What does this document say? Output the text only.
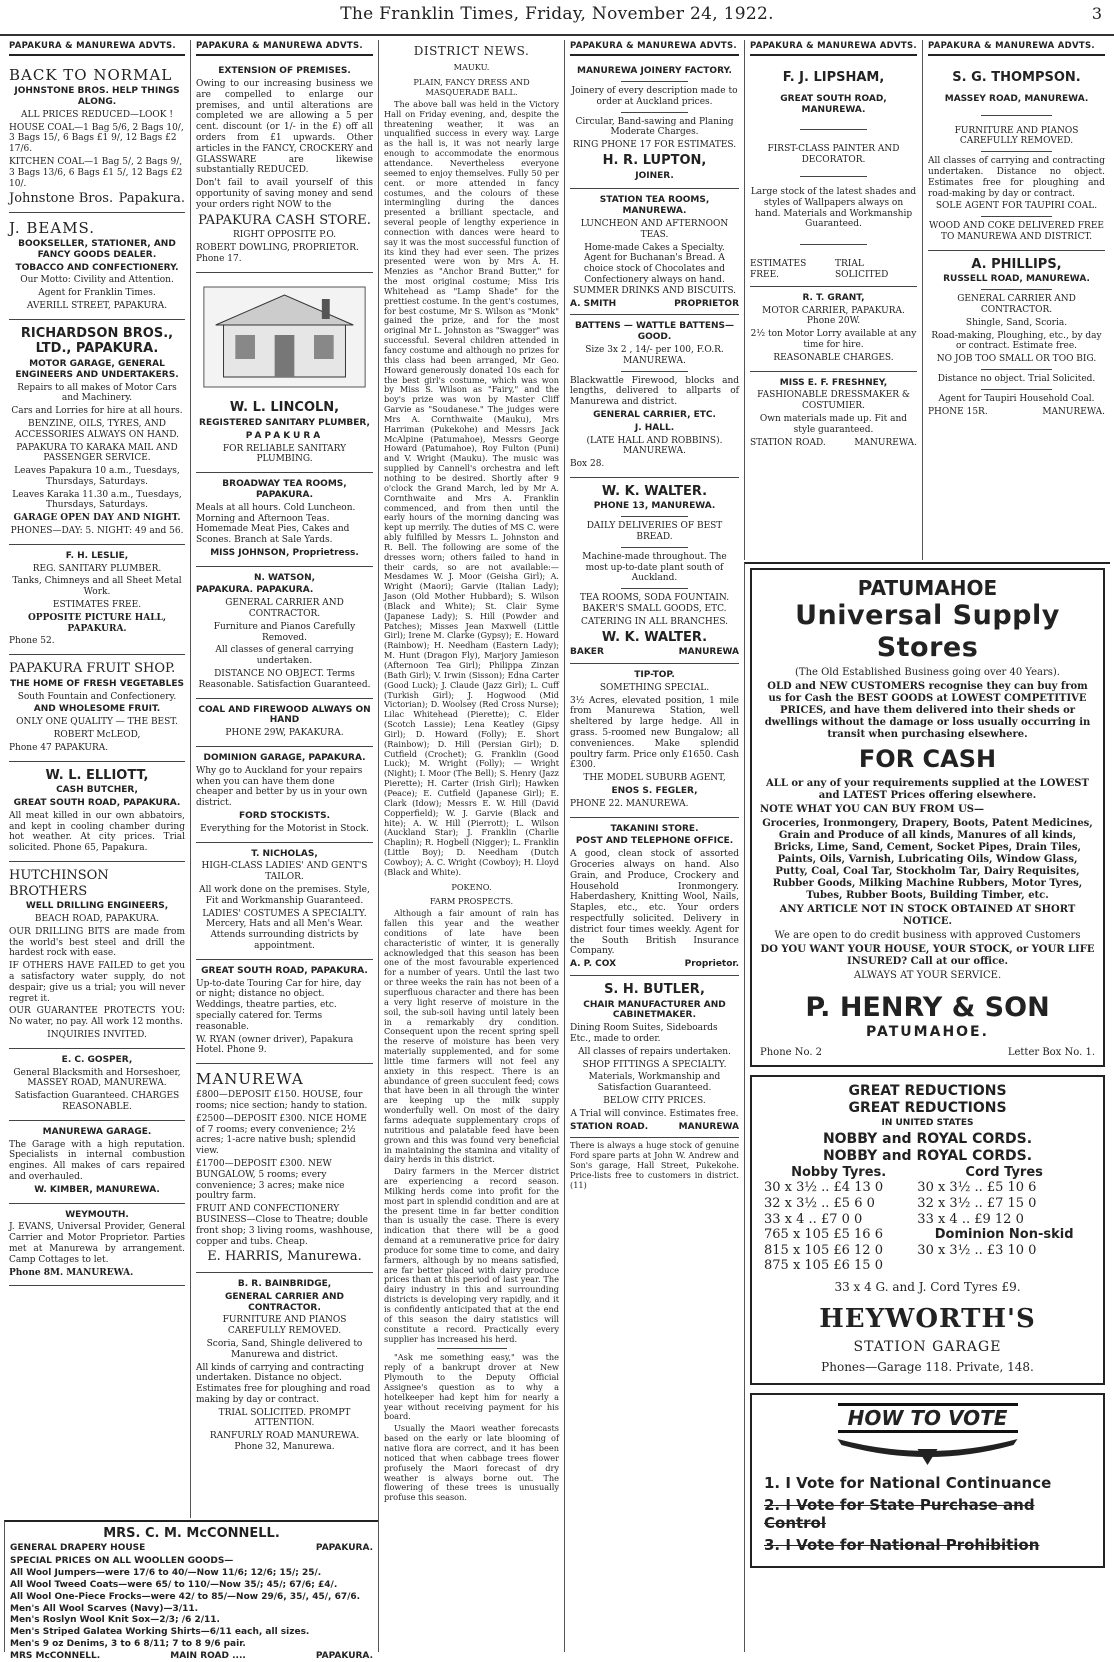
The Franklin Times, Friday, November 24, 1922.	3
PAPAKURA & MANUREWA ADVTS.

BACK TO NORMAL

JOHNSTONE BROS. HELP THINGS ALONG.

ALL PRICES REDUCED—LOOK !

HOUSE COAL—1 Bag 5/6, 2 Bags 10/, 3 Bags 15/, 6 Bags £1 9/, 12 Bags £2 17/6.

KITCHEN COAL—1 Bag 5/, 2 Bags 9/, 3 Bags 13/6, 6 Bags £1 5/, 12 Bags £2 10/.

Johnstone Bros. Papakura.

J. BEAMS.

BOOKSELLER, STATIONER, AND FANCY GOODS DEALER.

TOBACCO AND CONFECTIONERY.

Our Motto: Civility and Attention.

Agent for Franklin Times.

AVERILL STREET, PAPAKURA.

RICHARDSON BROS., LTD., PAPAKURA.

MOTOR GARAGE, GENERAL ENGINEERS AND UNDERTAKERS.

Repairs to all makes of Motor Cars and Machinery.

Cars and Lorries for hire at all hours.

BENZINE, OILS, TYRES, AND ACCESSORIES ALWAYS ON HAND.

PAPAKURA TO KARAKA MAIL AND PASSENGER SERVICE.

Leaves Papakura 10 a.m., Tuesdays, Thursdays, Saturdays.

Leaves Karaka 11.30 a.m., Tuesdays, Thursdays, Saturdays.

GARAGE OPEN DAY AND NIGHT.

PHONES—DAY: 5. NIGHT: 49 and 56.

F. H. LESLIE,

REG. SANITARY PLUMBER.

Tanks, Chimneys and all Sheet Metal Work.

ESTIMATES FREE.

OPPOSITE PICTURE HALL, PAPAKURA.

Phone 52.

PAPAKURA FRUIT SHOP.

THE HOME OF FRESH VEGETABLES

South Fountain and Confectionery.

AND WHOLESOME FRUIT.

ONLY ONE QUALITY — THE BEST.

ROBERT McLEOD,

Phone 47 PAPAKURA.

W. L. ELLIOTT,

CASH BUTCHER,

GREAT SOUTH ROAD, PAPAKURA.

All meat killed in our own abbatoirs, and kept in cooling chamber during hot weather. At city prices. Trial solicited. Phone 65, Papakura.

HUTCHINSON BROTHERS

WELL DRILLING ENGINEERS,

BEACH ROAD, PAPAKURA.

OUR DRILLING BITS are made from the world's best steel and drill the hardest rock with ease.

IF OTHERS HAVE FAILED to get you a satisfactory water supply, do not despair; give us a trial; you will never regret it.

OUR GUARANTEE PROTECTS YOU: No water, no pay. All work 12 months.

INQUIRIES INVITED.

E. C. GOSPER,

General Blacksmith and Horseshoer, MASSEY ROAD, MANUREWA.

Satisfaction Guaranteed. CHARGES REASONABLE.

MANUREWA GARAGE.

The Garage with a high reputation. Specialists in internal combustion engines. All makes of cars repaired and overhauled.

W. KIMBER, MANUREWA.

WEYMOUTH.

J. EVANS, Universal Provider, General Carrier and Motor Proprietor. Parties met at Manurewa by arrangement. Camp Cottages to let.

Phone 8M. MANUREWA.

PAPAKURA & MANUREWA ADVTS.

EXTENSION OF PREMISES.

Owing to our increasing business we are compelled to enlarge our premises, and until alterations are completed we are allowing a 5 per cent. discount (or 1/- in the £) off all orders from £1 upwards. Other articles in the FANCY, CROCKERY and GLASSWARE are likewise substantially REDUCED.

Don't fail to avail yourself of this opportunity of saving money and send your orders right NOW to the

PAPAKURA CASH STORE.

RIGHT OPPOSITE P.O.

ROBERT DOWLING, PROPRIETOR. Phone 17.

W. L. LINCOLN,

REGISTERED SANITARY PLUMBER,

PAPAKURA

FOR RELIABLE SANITARY PLUMBING.

BROADWAY TEA ROOMS, PAPAKURA.

Meals at all hours. Cold Luncheon. Morning and Afternoon Teas. Homemade Meat Pies, Cakes and Scones. Branch at Sale Yards.

MISS JOHNSON, Proprietress.

N. WATSON,

PAPAKURA. PAPAKURA.

GENERAL CARRIER AND CONTRACTOR.

Furniture and Pianos Carefully Removed.

All classes of general carrying undertaken.

DISTANCE NO OBJECT. Terms Reasonable. Satisfaction Guaranteed.

COAL AND FIREWOOD ALWAYS ON HAND

PHONE 29W, PAKAKURA.

DOMINION GARAGE, PAPAKURA.

Why go to Auckland for your repairs when you can have them done cheaper and better by us in your own district.

FORD STOCKISTS.

Everything for the Motorist in Stock.

T. NICHOLAS,

HIGH-CLASS LADIES' AND GENT'S TAILOR.

All work done on the premises. Style, Fit and Workmanship Guaranteed.

LADIES' COSTUMES A SPECIALTY. Mercery, Hats and all Men's Wear. Attends surrounding districts by appointment.

GREAT SOUTH ROAD, PAPAKURA.

Up-to-date Touring Car for hire, day or night; distance no object. Weddings, theatre parties, etc. specially catered for. Terms reasonable.

W. RYAN (owner driver), Papakura Hotel. Phone 9.

MANUREWA

£800—DEPOSIT £150. HOUSE, four rooms; nice section; handy to station.

£2500—DEPOSIT £300. NICE HOME of 7 rooms; every convenience; 2½ acres; 1-acre native bush; splendid view.

£1700—DEPOSIT £300. NEW BUNGALOW, 5 rooms; every convenience; 3 acres; make nice poultry farm.

FRUIT AND CONFECTIONERY BUSINESS—Close to Theatre; double front shop; 3 living rooms, washhouse, copper and tubs. Cheap.

E. HARRIS, Manurewa.

B. R. BAINBRIDGE,

GENERAL CARRIER AND CONTRACTOR.

FURNITURE AND PIANOS CAREFULLY REMOVED.

Scoria, Sand, Shingle delivered to Manurewa and district.

All kinds of carrying and contracting undertaken. Distance no object. Estimates free for ploughing and road making by day or contract.

TRIAL SOLICITED. PROMPT ATTENTION.

RANFURLY ROAD MANUREWA. Phone 32, Manurewa.

MRS. C. M. McCONNELL.

GENERAL DRAPERY HOUSE	PAPAKURA.

SPECIAL PRICES ON ALL WOOLLEN GOODS—

All Wool Jumpers—were 17/6 to 40/—Now 11/6; 12/6; 15/; 25/.

All Wool Tweed Coats—were 65/ to 110/—Now 35/; 45/; 67/6; £4/.

All Wool One-Piece Frocks—were 42/ to 85/—Now 29/6, 35/, 45/, 67/6.

Men's All Wool Scarves (Navy)—3/11.

Men's Roslyn Wool Knit Sox—2/3; /6 2/11.

Men's Striped Galatea Working Shirts—6/11 each, all sizes.

Men's 9 oz Denims, 3 to 6 8/11; 7 to 8 9/6 pair.

MRS McCONNELL.	MAIN ROAD ....	PAPAKURA.
DISTRICT NEWS.

MAUKU.

PLAIN, FANCY DRESS AND MASQUERADE BALL.

The above ball was held in the Victory Hall on Friday evening, and, despite the threatening weather, it was an unqualified success in every way. Large as the hall is, it was not nearly large enough to accommodate the enormous attendance. Nevertheless everyone seemed to enjoy themselves. Fully 50 per cent. or more attended in fancy costumes, and the colours of these intermingling during the dances presented a brilliant spectacle, and several people of lengthy experience in connection with dances were heard to say it was the most successful function of its kind they had ever seen. The prizes presented were won by Mrs A. H. Menzies as "Anchor Brand Butter," for the most original costume; Miss Iris Whitehead as "Lamp Shade" for the prettiest costume. In the gent's costumes, for best costume, Mr S. Wilson as "Monk" gained the prize, and for the most original Mr L. Johnston as "Swagger" was successful. Several children attended in fancy costume and although no prizes for this class had been arranged, Mr Geo. Howard generously donated 10s each for the best girl's costume, which was won by Miss S. Wilson as "Fairy," and the boy's prize was won by Master Cliff Garvie as "Soudanese." The judges were Mrs A. Cornthwaite (Mauku), Mrs Harriman (Pukekohe) and Messrs Jack McAlpine (Patumahoe), Messrs George Howard (Patumahoe), Roy Fulton (Puni) and V. Wright (Mauku). The music was supplied by Cannell's orchestra and left nothing to be desired. Shortly after 9 o'clock the Grand March, led by Mr A. Cornthwaite and Mrs A. Franklin commenced, and from then until the early hours of the morning dancing was kept up merrily. The duties of MS C. were ably fulfilled by Messrs L. Johnston and R. Bell. The following are some of the dresses worn; others failed to hand in their cards, so are not available:—Mesdames W. J. Moor (Geisha Girl); A. Wright (Maori); Garvie (Italian Lady); Jason (Old Mother Hubbard); S. Wilson (Black and White); St. Clair Syme (Japanese Lady); S. Hill (Powder and Patches); Misses Jean Maxwell (Little Girl); Irene M. Clarke (Gypsy); E. Howard (Rainbow); H. Needham (Eastern Lady); M. Hunt (Dragon Fly), Marjory Jamieson (Afternoon Tea Girl); Philippa Zinzan (Bath Girl); V. Irwin (Sisson); Edna Carter (Good Luck); J. Claude (Jazz Girl); L. Cuff (Turkish Girl); J. Hogwood (Mid Victorian); D. Woolsey (Red Cross Nurse); Lilac Whitehead (Pierette); C. Elder (Scotch Lassie); Lena Keatley (Gipsy Girl); D. Howard (Folly); E. Short (Rainbow); D. Hill (Persian Girl); D. Cutfield (Crochet); G. Franklin (Good Luck); M. Wright (Folly); — Wright (Night); I. Moor (The Bell); S. Henry (Jazz Pierette); H. Carter (Irish Girl); Hawken (Peace); E. Cutfield (Japanese Girl); E. Clark (Idow); Messrs E. W. Hill (David Copperfield); W. J. Garvie (Black and hite); A. W. Hill (Pierrott); L. Wilson (Auckland Star); J. Franklin (Charlie Chaplin); R. Hogbell (Nigger); L. Franklin (Little Boy); D. Needham (Dutch Cowboy); A. C. Wright (Cowboy); H. Lloyd (Black and White).

POKENO.

FARM PROSPECTS.

Although a fair amount of rain has fallen this year and the weather conditions of late have been characteristic of winter, it is generally acknowledged that this season has been one of the most favourable experienced for a number of years. Until the last two or three weeks the rain has not been of a superfluous character and there has been a very light reserve of moisture in the soil, the sub-soil having until lately been in a remarkably dry condition. Consequent upon the recent spring spell the reserve of moisture has been very materially supplemented, and for some little time farmers will not feel any anxiety in this respect. There is an abundance of green succulent feed; cows that have been in all through the winter are keeping up the milk supply wonderfully well. On most of the dairy farms adequate supplementary crops of nutritious and palatable feed have been grown and this was found very beneficial in maintaining the stamina and vitality of dairy herds in this district.

Dairy farmers in the Mercer district are experiencing a record season. Milking herds come into profit for the most part in splendid condition and are at the present time in far better condition than is usually the case. There is every indication that there will be a good demand at a remunerative price for dairy produce for some time to come, and dairy farmers, although by no means satisfied, are far better placed with dairy produce prices than at this period of last year. The dairy industry in this and surrounding districts is developing very rapidly, and it is confidently anticipated that at the end of this season the dairy statistics will constitute a record. Practically every supplier has increased his herd.

"Ask me something easy," was the reply of a bankrupt drover at New Plymouth to the Deputy Official Assignee's question as to why a hotelkeeper had kept him for nearly a year without receiving payment for his board.

Usually the Maori weather forecasts based on the early or late blooming of native flora are correct, and it has been noticed that when cabbage trees flower profusely the Maori forecast of dry weather is always borne out. The flowering of these trees is unusually profuse this season.

PAPAKURA & MANUREWA ADVTS.

MANUREWA JOINERY FACTORY.

Joinery of every description made to order at Auckland prices.

Circular, Band-sawing and Planing Moderate Charges.

RING PHONE 17 FOR ESTIMATES.

H. R. LUPTON,

JOINER.

STATION TEA ROOMS, MANUREWA.

LUNCHEON AND AFTERNOON TEAS.

Home-made Cakes a Specialty. Agent for Buchanan's Bread. A choice stock of Chocolates and Confectionery always on hand. SUMMER DRINKS AND BISCUITS.

A. SMITH	PROPRIETOR

BATTENS — WATTLE BATTENS—GOOD.

Size 3x 2 , 14/- per 100, F.O.R. MANUREWA.

Blackwattle Firewood, blocks and lengths, delivered to allparts of Manurewa and district.

GENERAL CARRIER, ETC.

J. HALL.

(LATE HALL AND ROBBINS). MANUREWA.

Box 28.

W. K. WALTER.

PHONE 13, MANUREWA.

DAILY DELIVERIES OF BEST BREAD.

Machine-made throughout. The most up-to-date plant south of Auckland.

TEA ROOMS, SODA FOUNTAIN. BAKER'S SMALL GOODS, ETC.

CATERING IN ALL BRANCHES.

W. K. WALTER.

BAKER	MANUREWA

TIP-TOP.

SOMETHING SPECIAL.

3½ Acres, elevated position, 1 mile from Manurewa Station, well sheltered by large hedge. All in grass. 5-roomed new Bungalow; all conveniences. Make splendid poultry farm. Price only £1650. Cash £300.

THE MODEL SUBURB AGENT,

ENOS S. FEGLER,

PHONE 22. MANUREWA.

TAKANINI STORE.

POST AND TELEPHONE OFFICE.

A good, clean stock of assorted Groceries always on hand. Also Grain, and Produce, Crockery and Household Ironmongery. Haberdashery, Knitting Wool, Nails, Staples, etc., etc. Your orders respectfully solicited. Delivery in district four times weekly. Agent for the South British Insurance Company.

A. P. COX	Proprietor.

S. H. BUTLER,

CHAIR MANUFACTURER AND CABINETMAKER.

Dining Room Suites, Sideboards Etc., made to order.

All classes of repairs undertaken.

SHOP FITTINGS A SPECIALTY.

Materials, Workmanship and Satisfaction Guaranteed.

BELOW CITY PRICES.

A Trial will convince. Estimates free.

STATION ROAD.	MANUREWA

There is always a huge stock of genuine Ford spare parts at John W. Andrew and Son's garage, Hall Street, Pukekohe. Price-lists free to customers in district. (11)

PAPAKURA & MANUREWA ADVTS.

F. J. LIPSHAM,

GREAT SOUTH ROAD, MANUREWA.

FIRST-CLASS PAINTER AND DECORATOR.

Large stock of the latest shades and styles of Wallpapers always on hand. Materials and Workmanship Guaranteed.

ESTIMATES FREE.
TRIAL SOLICITED

R. T. GRANT,

MOTOR CARRIER, PAPAKURA. Phone 20W.

2½ ton Motor Lorry available at any time for hire.

REASONABLE CHARGES.

MISS E. F. FRESHNEY,

FASHIONABLE DRESSMAKER & COSTUMIER.

Own materials made up. Fit and style guaranteed.

STATION ROAD.	MANUREWA.
PAPAKURA & MANUREWA ADVTS.

S. G. THOMPSON.

MASSEY ROAD, MANUREWA.

FURNITURE AND PIANOS CAREFULLY REMOVED.

All classes of carrying and contracting undertaken. Distance no object. Estimates free for ploughing and road-making by day or contract.

SOLE AGENT FOR TAUPIRI COAL.

WOOD AND COKE DELIVERED FREE TO MANUREWA AND DISTRICT.

A. PHILLIPS,

RUSSELL ROAD, MANUREWA.

GENERAL CARRIER AND CONTRACTOR.

Shingle, Sand, Scoria.

Road-making, Ploughing, etc., by day or contract. Estimate free.

NO JOB TOO SMALL OR TOO BIG.

Distance no object. Trial Solicited.

Agent for Taupiri Household Coal.

PHONE 15R.	MANUREWA.
PATUMAHOE
Universal Supply Stores

(The Old Established Business going over 40 Years).

OLD and NEW CUSTOMERS recognise they can buy from us for Cash the BEST GOODS at LOWEST COMPETITIVE PRICES, and have them delivered into their sheds or dwellings without the damage or loss usually occurring in transit when purchasing elsewhere.

FOR CASH

ALL or any of your requirements supplied at the LOWEST and LATEST Prices offering elsewhere.

NOTE WHAT YOU CAN BUY FROM US—

Groceries, Ironmongery, Drapery, Boots, Patent Medicines, Grain and Produce of all kinds, Manures of all kinds, Bricks, Lime, Sand, Cement, Socket Pipes, Drain Tiles, Paints, Oils, Varnish, Lubricating Oils, Window Glass, Putty, Coal, Coal Tar, Stockholm Tar, Dairy Requisites, Rubber Goods, Milking Machine Rubbers, Motor Tyres, Tubes, Rubber Boots, Building Timber, etc.

ANY ARTICLE NOT IN STOCK OBTAINED AT SHORT NOTICE.

We are open to do credit business with approved Customers

DO YOU WANT YOUR HOUSE, YOUR STOCK, or YOUR LIFE INSURED? Call at our office.

ALWAYS AT YOUR SERVICE.

P. HENRY & SON
PATUMAHOE.
Phone No. 2	Letter Box No. 1.
GREAT REDUCTIONS
GREAT REDUCTIONS

IN UNITED STATES

NOBBY and ROYAL CORDS.
NOBBY and ROYAL CORDS.
Nobby Tyres.	Cord Tyres
30 x 3½ .. £4 13 0	30 x 3½ .. £5 10 6
32 x 3½ .. £5 6 0	32 x 3½ .. £7 15 0
33 x 4 .. £7 0 0	33 x 4 .. £9 12 0
765 x 105 £5 16 6	Dominion Non-skid
815 x 105 £6 12 0	30 x 3½ .. £3 10 0
875 x 105 £6 15 0	

33 x 4 G. and J. Cord Tyres £9.

HEYWORTH'S

STATION GARAGE

Phones—Garage 118. Private, 148.

HOW TO VOTE
1. I Vote for National Continuance
2. I Vote for State Purchase and Control
3. I Vote for National Prohibition
